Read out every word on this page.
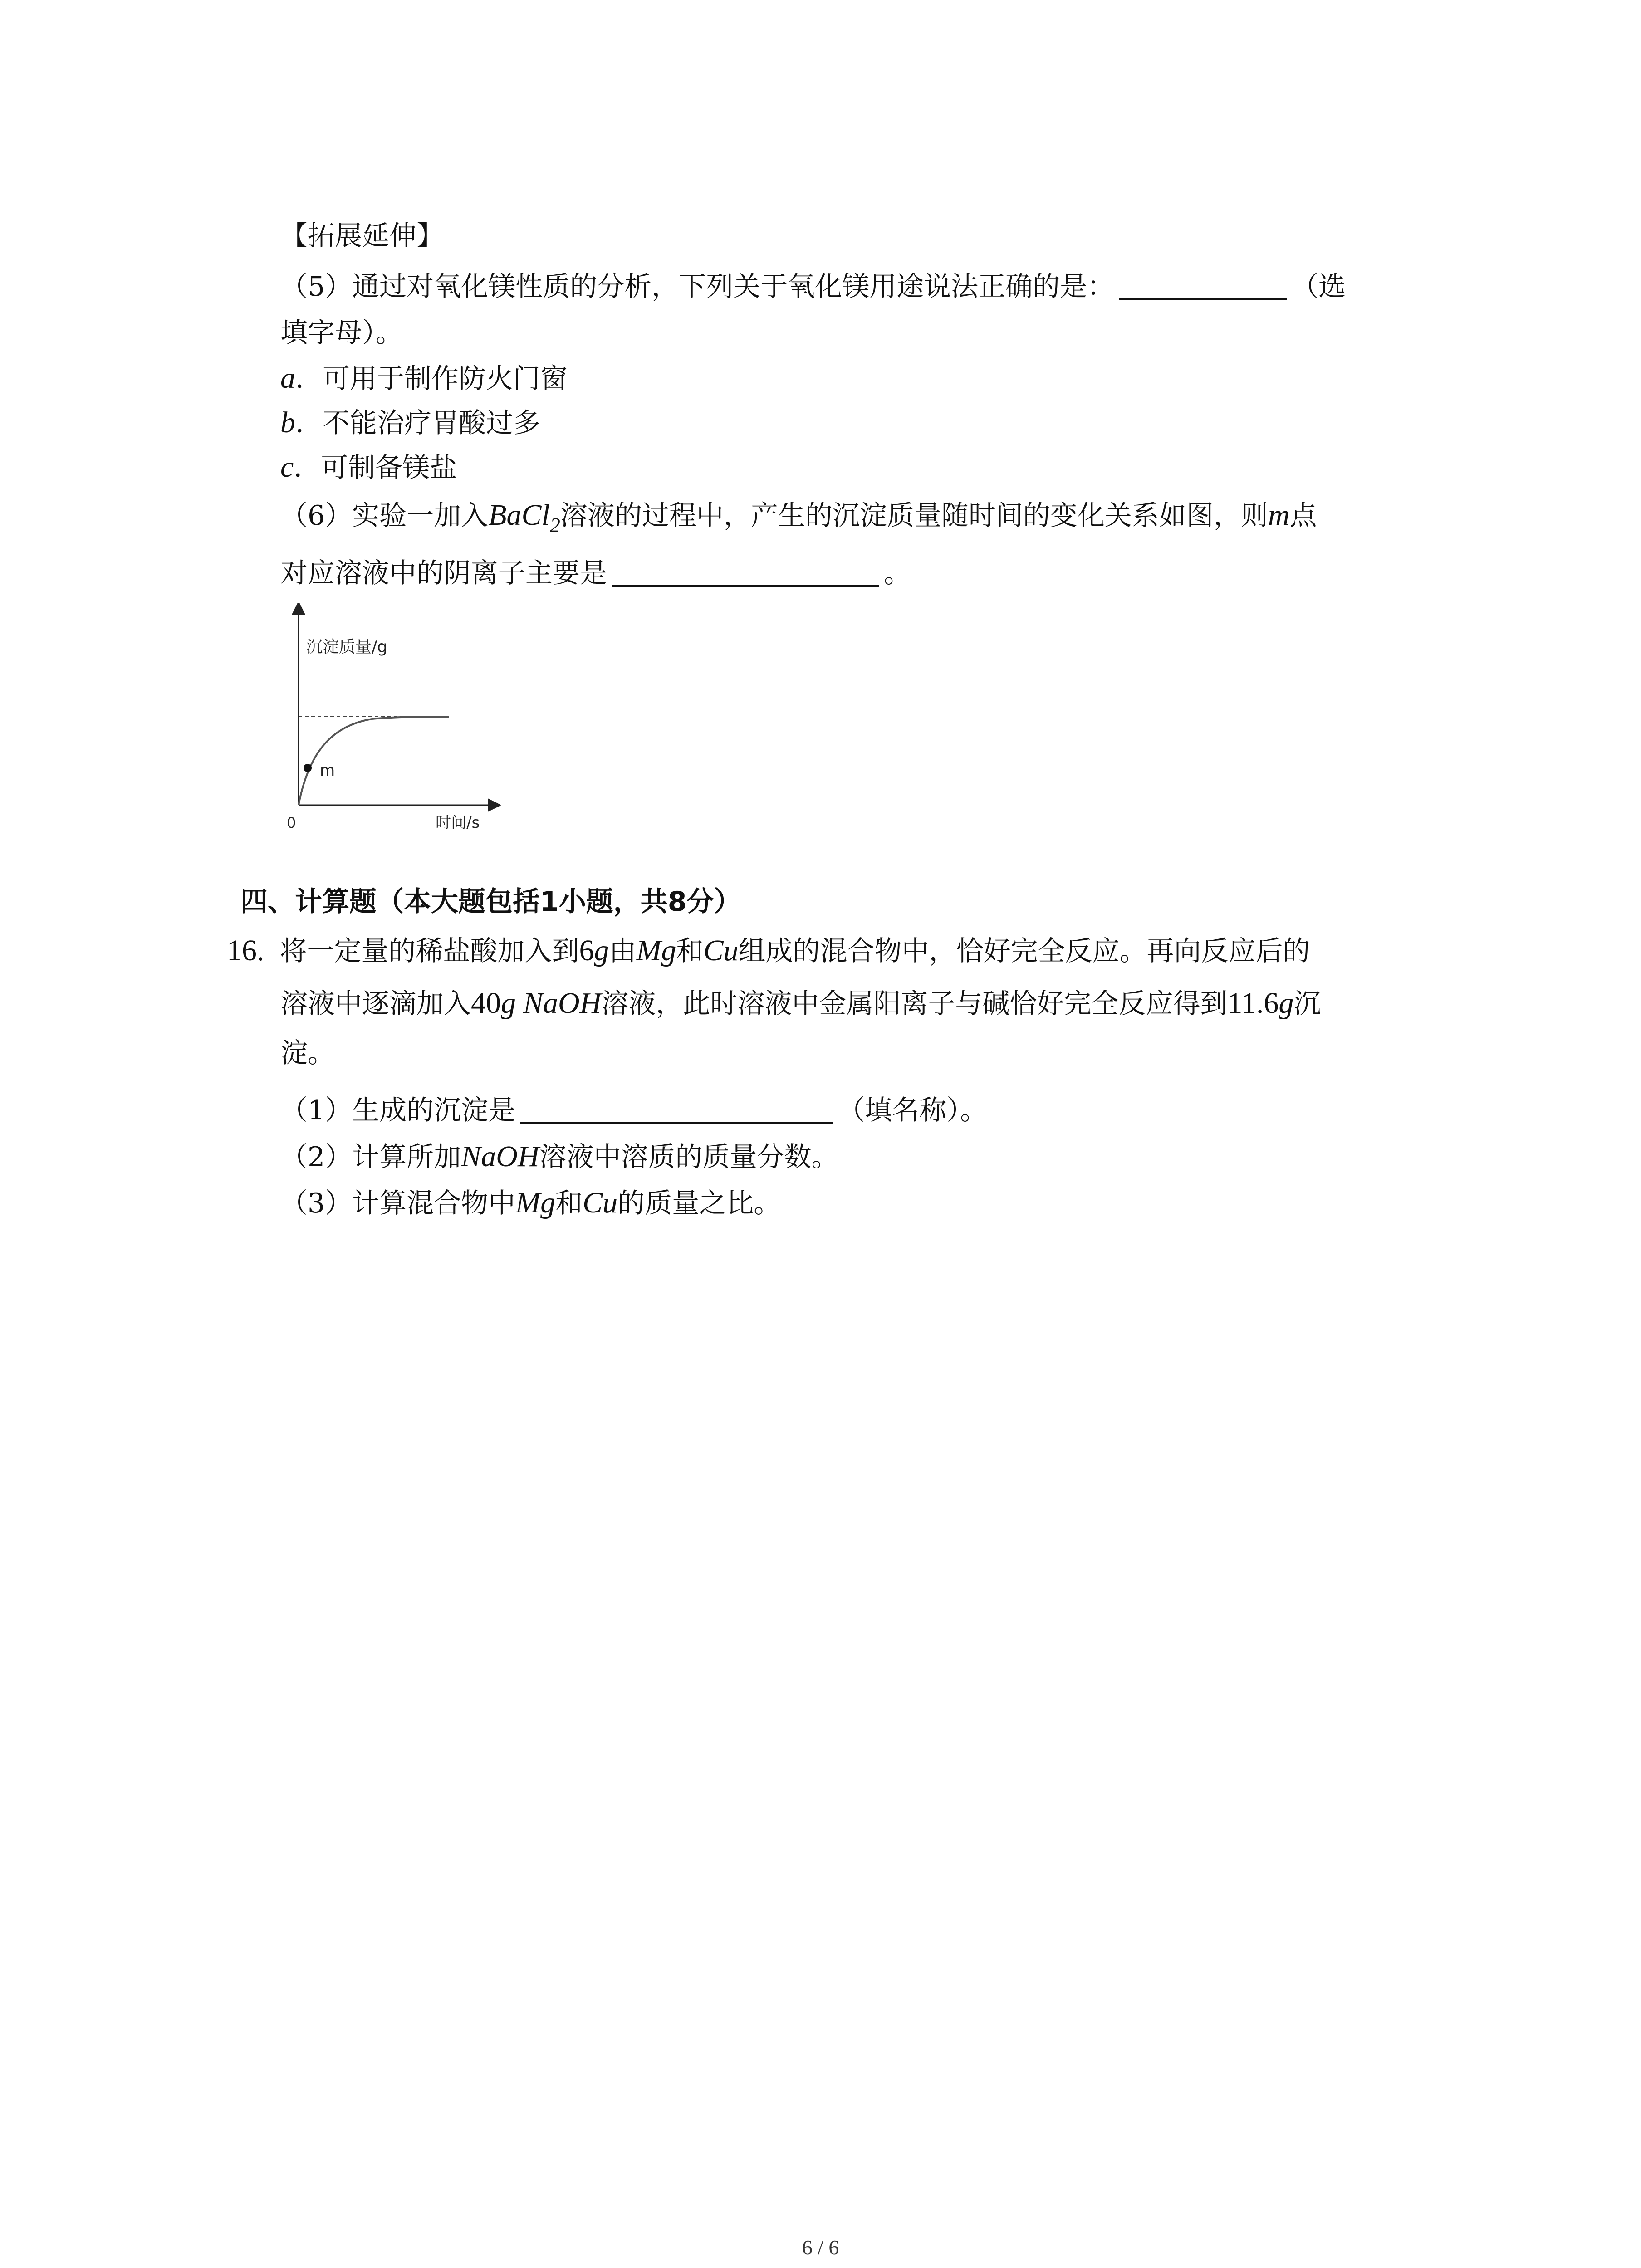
【拓展延伸】
（5）通过对氧化镁性质的分析，下列关于氧化镁用途说法正确的是：	（选
填字母）。
a．可用于制作防火门窗
b．不能治疗胃酸过多
c．可制备镁盐
（6）实验一加入BaCl$_2$溶液的过程中，产生的沉淀质量随时间的变化关系如图，则m点
对应溶液中的阴离子主要是	。
沉淀质量/g
0	时间/s
m
四、计算题（本大题包括1小题，共8分）
16. 将一定量的稀盐酸加入到6g由Mg和Cu组成的混合物中，恰好完全反应。再向反应后的
溶液中逐滴加入40g NaOH溶液，此时溶液中金属阳离子与碱恰好完全反应得到11.6g沉
淀。
（1）生成的沉淀是	（填名称）。
（2）计算所加NaOH溶液中溶质的质量分数。
（3）计算混合物中Mg和Cu的质量之比。
6 / 6
